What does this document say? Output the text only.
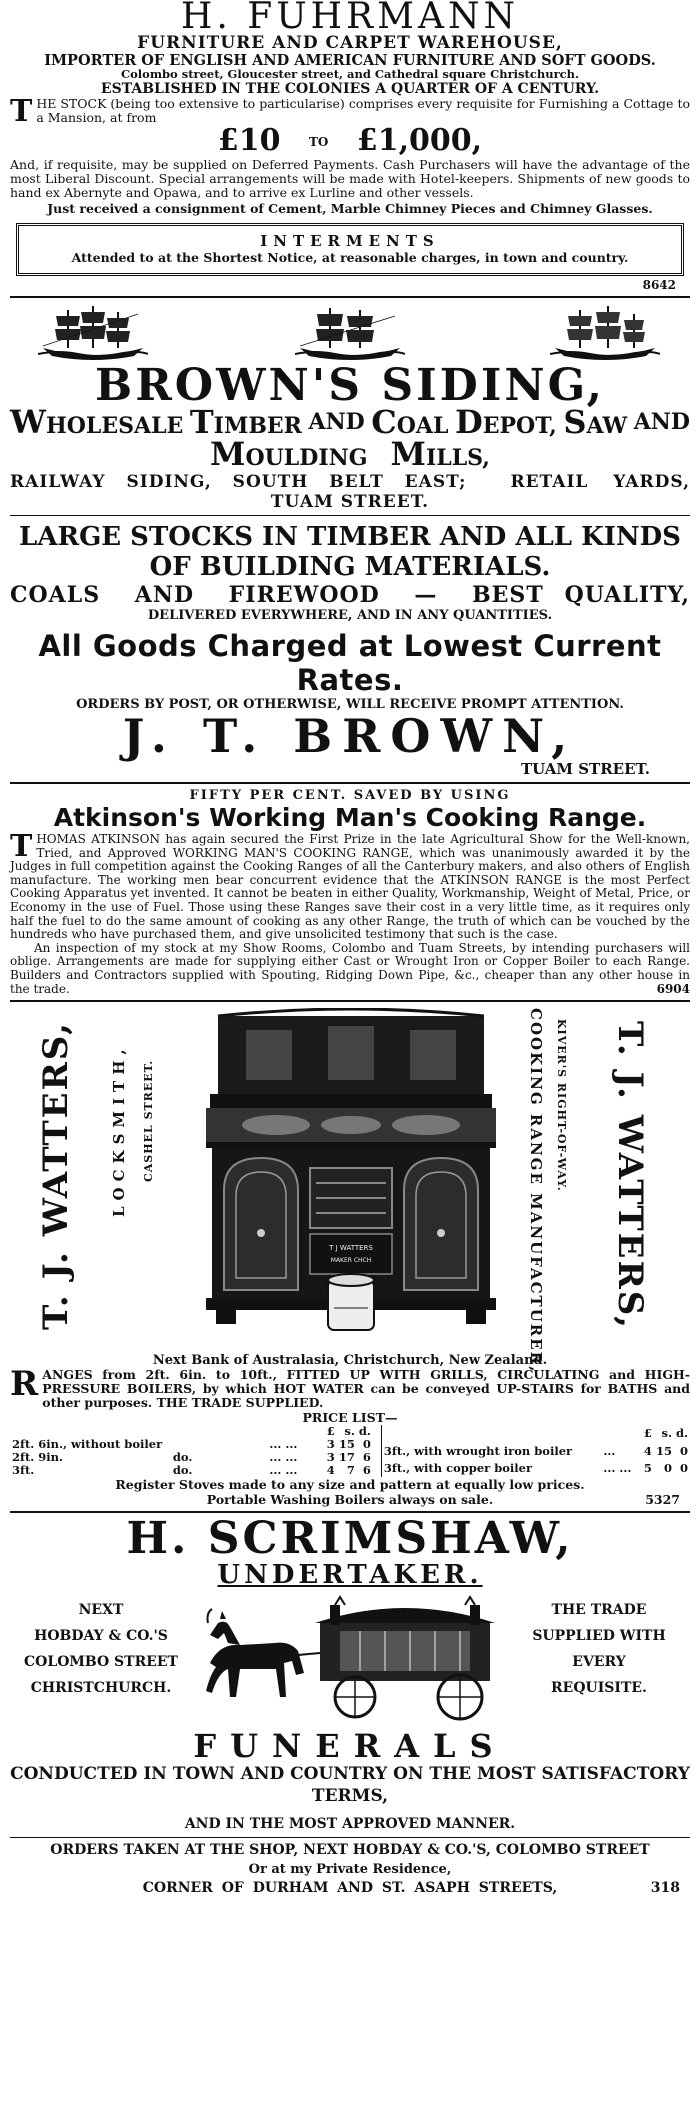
H. FUHRMANN
FURNITURE AND CARPET WAREHOUSE,
IMPORTER OF ENGLISH AND AMERICAN FURNITURE AND SOFT GOODS.
Colombo street, Gloucester street, and Cathedral square Christchurch.
ESTABLISHED IN THE COLONIES A QUARTER OF A CENTURY.
T HE STOCK (being too extensive to particularise) comprises every requisite for Furnishing a Cottage to a Mansion, at from
£10 TO £1,000,
And, if requisite, may be supplied on Deferred Payments. Cash Purchasers will have the advantage of the most Liberal Discount. Special arrangements will be made with Hotel-keepers. Shipments of new goods to hand ex Abernyte and Opawa, and to arrive ex Lurline and other vessels.
Just received a consignment of Cement, Marble Chimney Pieces and Chimney Glasses.
INTERMENTS
Attended to at the Shortest Notice, at reasonable charges, in town and country.
8642
BROWN'S SIDING,
WHOLESALE TIMBER AND COAL DEPOT, SAW AND
MOULDING MILLS,
RAILWAY SIDING, SOUTH BELT EAST;	RETAIL YARDS,
TUAM STREET.
LARGE STOCKS IN TIMBER AND ALL KINDS OF BUILDING MATERIALS.
COALS AND FIREWOOD — BEST QUALITY,
DELIVERED EVERYWHERE, AND IN ANY QUANTITIES.
All Goods Charged at Lowest Current Rates.
ORDERS BY POST, OR OTHERWISE, WILL RECEIVE PROMPT ATTENTION.
J. T. BROWN,
TUAM STREET.
FIFTY PER CENT. SAVED BY USING
Atkinson's Working Man's Cooking Range.
T HOMAS ATKINSON has again secured the First Prize in the late Agricultural Show for the Well-known, Tried, and Approved WORKING MAN'S COOKING RANGE, which was unanimously awarded it by the Judges in full competition against the Cooking Ranges of all the Canterbury makers, and also others of English manufacture. The working men bear concurrent evidence that the ATKINSON RANGE is the most Perfect Cooking Apparatus yet invented. It cannot be beaten in either Quality, Workmanship, Weight of Metal, Price, or Economy in the use of Fuel. Those using these Ranges save their cost in a very little time, as it requires only half the fuel to do the same amount of cooking as any other Range, the truth of which can be vouched by the hundreds who have purchased them, and give unsolicited testimony that such is the case.
An inspection of my stock at my Show Rooms, Colombo and Tuam Streets, by intending purchasers will oblige. Arrangements are made for supplying either Cast or Wrought Iron or Copper Boiler to each Range. Builders and Contractors supplied with Spouting, Ridging Down Pipe, &c., cheaper than any other house in the trade.	6904
T. J. WATTERS, LOCKSMITH, CASHEL STREET.
T J WATTERS
MAKER CHCH	COOKING RANGE MANUFACTURER, KIVER'S RIGHT-OF-WAY. T. J. WATTERS,
Next Bank of Australasia, Christchurch, New Zealand.
R ANGES from 2ft. 6in. to 10ft., FITTED UP WITH GRILLS, CIRCULATING and HIGH-PRESSURE BOILERS, by which HOT WATER can be conveyed UP-STAIRS for BATHS and other purposes. THE TRADE SUPPLIED.
PRICE LIST—
			£	s.	d.
2ft. 6in., without boiler		... ...	3	15	0
2ft. 9in.	do.	... ...	3	17	6
3ft.	do.	... ...	4	7	6
		£	s.	d.
3ft., with wrought iron boiler	...	4	15	0
3ft., with copper boiler	... ...	5	0	0
Register Stoves made to any size and pattern at equally low prices.
Portable Washing Boilers always on sale.	5327
H. SCRIMSHAW,
UNDERTAKER.
NEXT
HOBDAY & CO.'S
COLOMBO STREET
CHRISTCHURCH.
THE TRADE
SUPPLIED WITH
EVERY
REQUISITE.
FUNERALS
CONDUCTED IN TOWN AND COUNTRY ON THE MOST SATISFACTORY TERMS,
AND IN THE MOST APPROVED MANNER.
ORDERS TAKEN AT THE SHOP, NEXT HOBDAY & CO.'S, COLOMBO STREET
Or at my Private Residence,
CORNER OF DURHAM AND ST. ASAPH STREETS,	318
